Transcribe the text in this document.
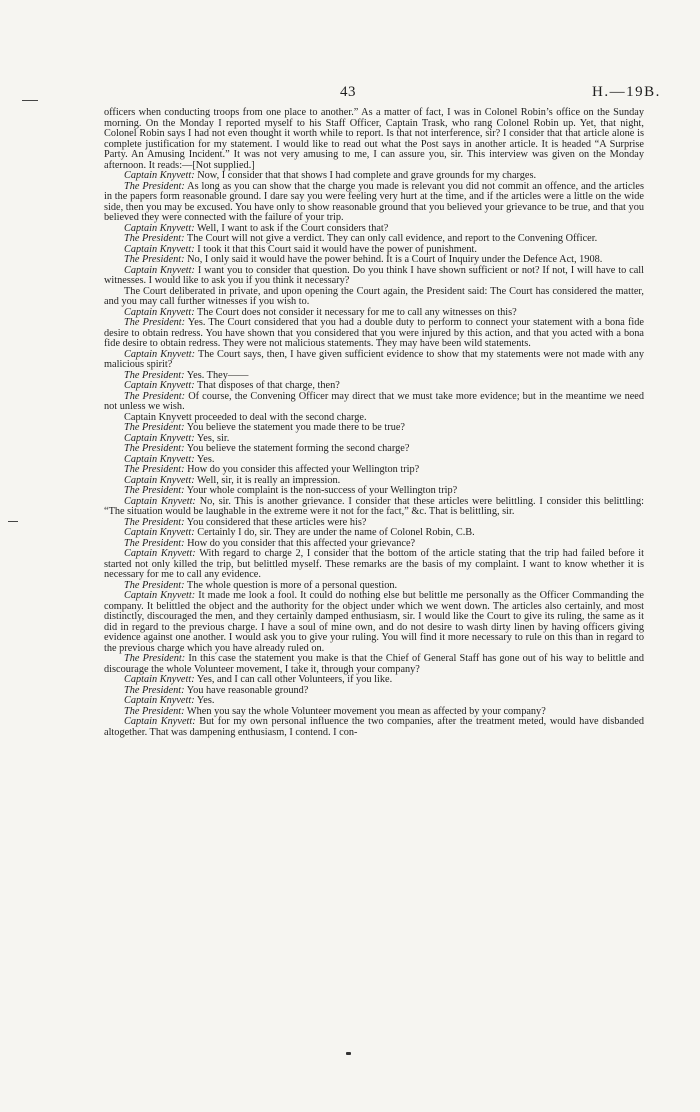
43	H.—19B.

officers when conducting troops from one place to another.” As a matter of fact, I was in Colonel Robin’s office on the Sunday morning. On the Monday I reported myself to his Staff Officer, Captain Trask, who rang Colonel Robin up. Yet, that night, Colonel Robin says I had not even thought it worth while to report. Is that not interference, sir? I consider that that article alone is complete justification for my statement. I would like to read out what the Post says in another article. It is headed “A Surprise Party. An Amusing Incident.” It was not very amusing to me, I can assure you, sir. This interview was given on the Monday afternoon. It reads:—[Not supplied.]

Captain Knyvett: Now, I consider that that shows I had complete and grave grounds for my charges.

The President: As long as you can show that the charge you made is relevant you did not commit an offence, and the articles in the papers form reasonable ground. I dare say you were feeling very hurt at the time, and if the articles were a little on the wide side, then you may be excused. You have only to show reasonable ground that you believed your grievance to be true, and that you believed they were connected with the failure of your trip.

Captain Knyvett: Well, I want to ask if the Court considers that?

The President: The Court will not give a verdict. They can only call evidence, and report to the Convening Officer.

Captain Knyvett: I took it that this Court said it would have the power of punishment.

The President: No, I only said it would have the power behind. It is a Court of Inquiry under the Defence Act, 1908.

Captain Knyvett: I want you to consider that question. Do you think I have shown sufficient or not? If not, I will have to call witnesses. I would like to ask you if you think it necessary?

The Court deliberated in private, and upon opening the Court again, the President said: The Court has considered the matter, and you may call further witnesses if you wish to.

Captain Knyvett: The Court does not consider it necessary for me to call any witnesses on this?

The President: Yes. The Court considered that you had a double duty to perform to connect your statement with a bona fide desire to obtain redress. You have shown that you considered that you were injured by this action, and that you acted with a bona fide desire to obtain redress. They were not malicious statements. They may have been wild statements.

Captain Knyvett: The Court says, then, I have given sufficient evidence to show that my statements were not made with any malicious spirit?

The President: Yes. They——

Captain Knyvett: That disposes of that charge, then?

The President: Of course, the Convening Officer may direct that we must take more evidence; but in the meantime we need not unless we wish.

Captain Knyvett proceeded to deal with the second charge.

The President: You believe the statement you made there to be true?

Captain Knyvett: Yes, sir.

The President: You believe the statement forming the second charge?

Captain Knyvett: Yes.

The President: How do you consider this affected your Wellington trip?

Captain Knyvett: Well, sir, it is really an impression.

The President: Your whole complaint is the non-success of your Wellington trip?

Captain Knyvett: No, sir. This is another grievance. I consider that these articles were belittling. I consider this belittling: “The situation would be laughable in the extreme were it not for the fact,” &c. That is belittling, sir.

The President: You considered that these articles were his?

Captain Knyvett: Certainly I do, sir. They are under the name of Colonel Robin, C.B.

The President: How do you consider that this affected your grievance?

Captain Knyvett: With regard to charge 2, I consider that the bottom of the article stating that the trip had failed before it started not only killed the trip, but belittled myself. These remarks are the basis of my complaint. I want to know whether it is necessary for me to call any evidence.

The President: The whole question is more of a personal question.

Captain Knyvett: It made me look a fool. It could do nothing else but belittle me personally as the Officer Commanding the company. It belittled the object and the authority for the object under which we went down. The articles also certainly, and most distinctly, discouraged the men, and they certainly damped enthusiasm, sir. I would like the Court to give its ruling, the same as it did in regard to the previous charge. I have a soul of mine own, and do not desire to wash dirty linen by having officers giving evidence against one another. I would ask you to give your ruling. You will find it more necessary to rule on this than in regard to the previous charge which you have already ruled on.

The President: In this case the statement you make is that the Chief of General Staff has gone out of his way to belittle and discourage the whole Volunteer movement, I take it, through your company?

Captain Knyvett: Yes, and I can call other Volunteers, if you like.

The President: You have reasonable ground?

Captain Knyvett: Yes.

The President: When you say the whole Volunteer movement you mean as affected by your company?

Captain Knyvett: But for my own personal influence the two companies, after the treatment meted, would have disbanded altogether. That was dampening enthusiasm, I contend. I con-
